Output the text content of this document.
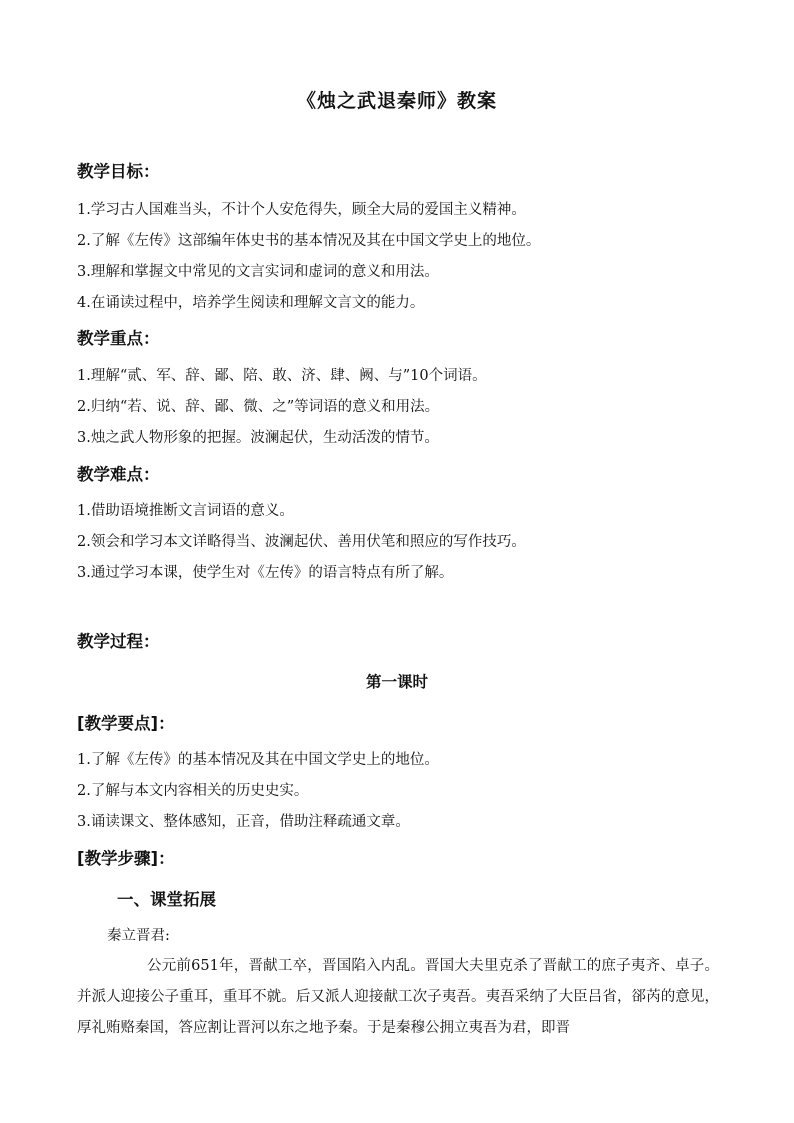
《烛之武退秦师》教案
教学目标：
1.学习古人国难当头，不计个人安危得失，顾全大局的爱国主义精神。
2.了解《左传》这部编年体史书的基本情况及其在中国文学史上的地位。
3.理解和掌握文中常见的文言实词和虚词的意义和用法。
4.在诵读过程中，培养学生阅读和理解文言文的能力。
教学重点：
1.理解“贰、军、辞、鄙、陪、敢、济、肆、阙、与”10个词语。
2.归纳“若、说、辞、鄙、微、之”等词语的意义和用法。
3.烛之武人物形象的把握。波澜起伏，生动活泼的情节。
教学难点：
1.借助语境推断文言词语的意义。
2.领会和学习本文详略得当、波澜起伏、善用伏笔和照应的写作技巧。
3.通过学习本课，使学生对《左传》的语言特点有所了解。
教学过程：
第一课时
[教学要点]：
1.了解《左传》的基本情况及其在中国文学史上的地位。
2.了解与本文内容相关的历史史实。
3.诵读课文、整体感知，正音，借助注释疏通文章。
[教学步骤]：
一、课堂拓展
秦立晋君:
公元前651年，晋献工卒，晋国陷入内乱。晋国大夫里克杀了晋献工的庶子夷齐、卓子。并派人迎接公子重耳，重耳不就。后又派人迎接献工次子夷吾。夷吾采纳了大臣吕省，郤芮的意见，厚礼贿赂秦国，答应割让晋河以东之地予秦。于是秦穆公拥立夷吾为君，即晋
